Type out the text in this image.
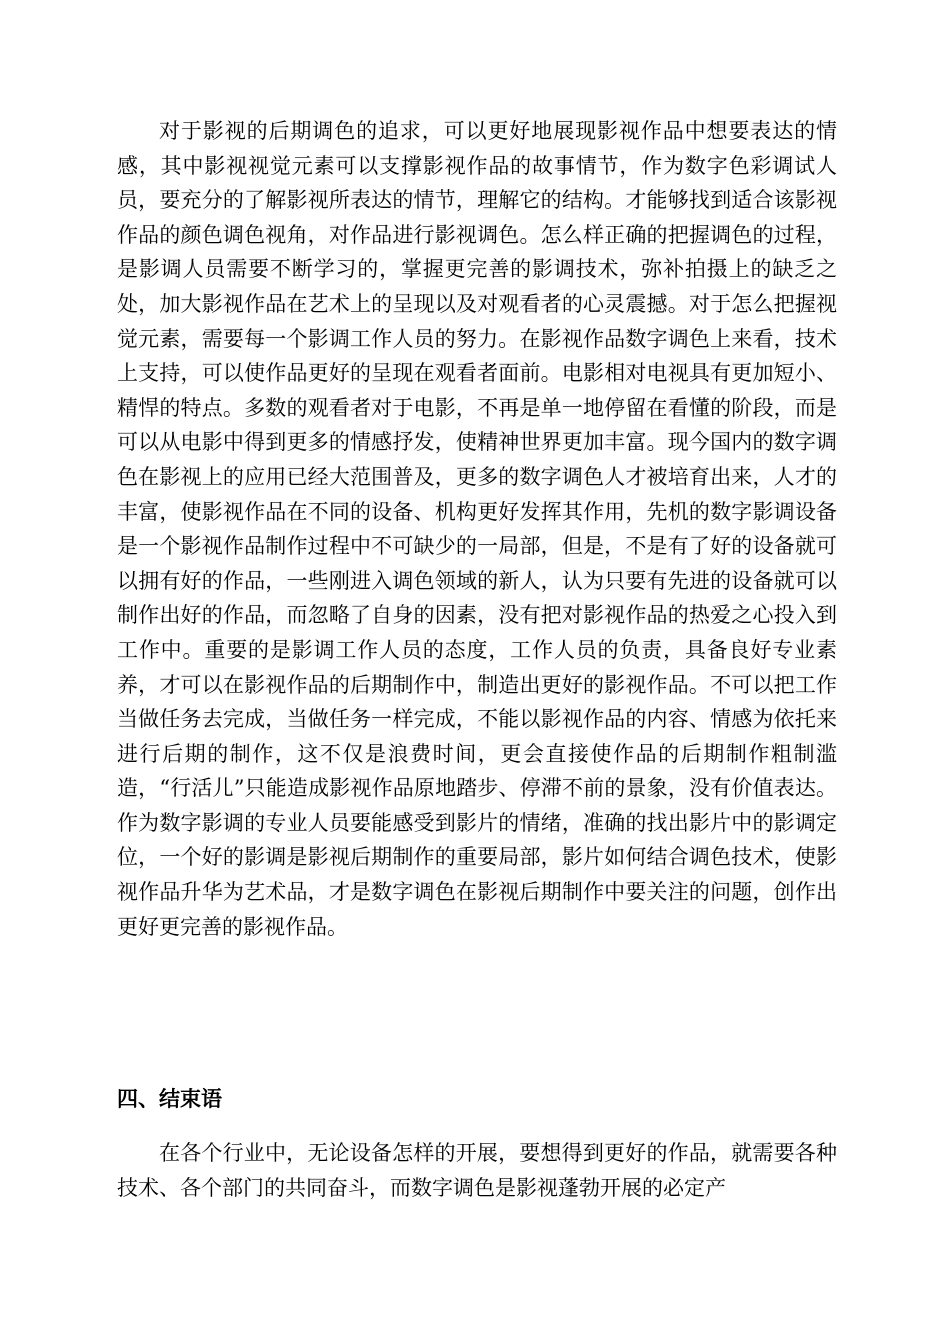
对于影视的后期调色的追求，可以更好地展现影视作品中想要表达的情感，其中影视视觉元素可以支撑影视作品的故事情节，作为数字色彩调试人员，要充分的了解影视所表达的情节，理解它的结构。才能够找到适合该影视作品的颜色调色视角，对作品进行影视调色。怎么样正确的把握调色的过程，是影调人员需要不断学习的，掌握更完善的影调技术，弥补拍摄上的缺乏之处，加大影视作品在艺术上的呈现以及对观看者的心灵震撼。对于怎么把握视觉元素，需要每一个影调工作人员的努力。在影视作品数字调色上来看，技术上支持，可以使作品更好的呈现在观看者面前。电影相对电视具有更加短小、精悍的特点。多数的观看者对于电影，不再是单一地停留在看懂的阶段，而是可以从电影中得到更多的情感抒发，使精神世界更加丰富。现今国内的数字调色在影视上的应用已经大范围普及，更多的数字调色人才被培育出来，人才的丰富，使影视作品在不同的设备、机构更好发挥其作用，先机的数字影调设备是一个影视作品制作过程中不可缺少的一局部，但是，不是有了好的设备就可以拥有好的作品，一些刚进入调色领域的新人，认为只要有先进的设备就可以制作出好的作品，而忽略了自身的因素，没有把对影视作品的热爱之心投入到工作中。重要的是影调工作人员的态度，工作人员的负责，具备良好专业素养，才可以在影视作品的后期制作中，制造出更好的影视作品。不可以把工作当做任务去完成，当做任务一样完成，不能以影视作品的内容、情感为依托来进行后期的制作，这不仅是浪费时间，更会直接使作品的后期制作粗制滥造，“行活儿”只能造成影视作品原地踏步、停滞不前的景象，没有价值表达。作为数字影调的专业人员要能感受到影片的情绪，准确的找出影片中的影调定位，一个好的影调是影视后期制作的重要局部，影片如何结合调色技术，使影视作品升华为艺术品，才是数字调色在影视后期制作中要关注的问题，创作出更好更完善的影视作品。

四、结束语

在各个行业中，无论设备怎样的开展，要想得到更好的作品，就需要各种技术、各个部门的共同奋斗，而数字调色是影视蓬勃开展的必定产
